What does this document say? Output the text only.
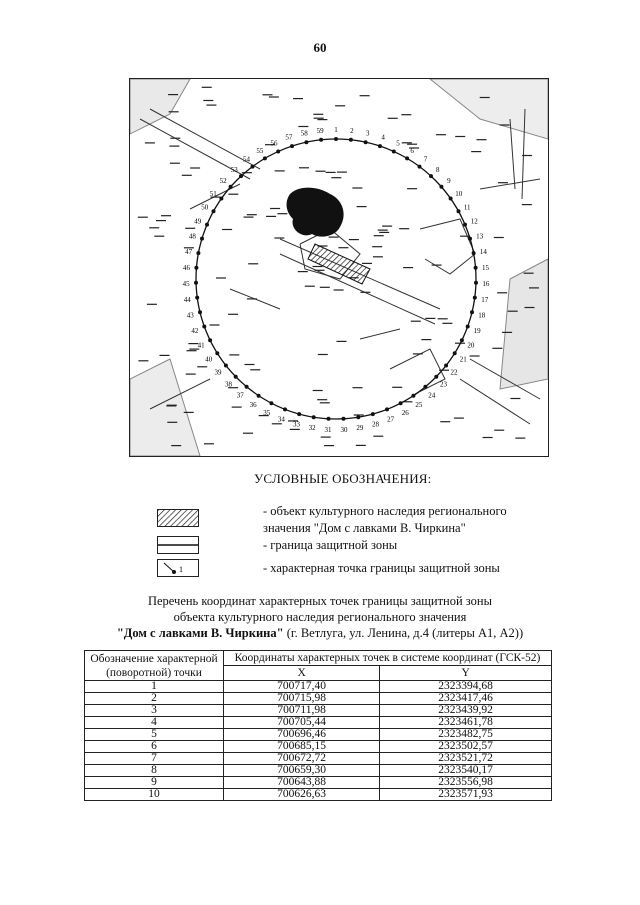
60
1 2 3
4
5
6
7
8
9
10
11
12
13
14
15
16
17
18
19
20
21
22
23
24
25
26
27
28
29
30
31
32
33
34
35
36
37
38
39
40
41
42
43
44
45
46
47
48
49
50
51
52
53
54
55
56
57
58 59
УСЛОВНЫЕ ОБОЗНАЧЕНИЯ:
- объект культурного наследия регионального значения "Дом с лавками В. Чиркина"
- граница защитной зоны
1	- характерная точка границы защитной зоны
Перечень координат характерных точек границы защитной зоны
объекта культурного наследия регионального значения
"Дом с лавками В. Чиркина" (г. Ветлуга, ул. Ленина, д.4 (литеры А1, А2))
Обозначение характерной (поворотной) точки	Координаты характерных точек в системе координат (ГСК-52)	
	X	Y
1	700717,40	2323394,68
2	700715,98	2323417,46
3	700711,98	2323439,92
4	700705,44	2323461,78
5	700696,46	2323482,75
6	700685,15	2323502,57
7	700672,72	2323521,72
8	700659,30	2323540,17
9	700643,88	2323556,98
10	700626,63	2323571,93
